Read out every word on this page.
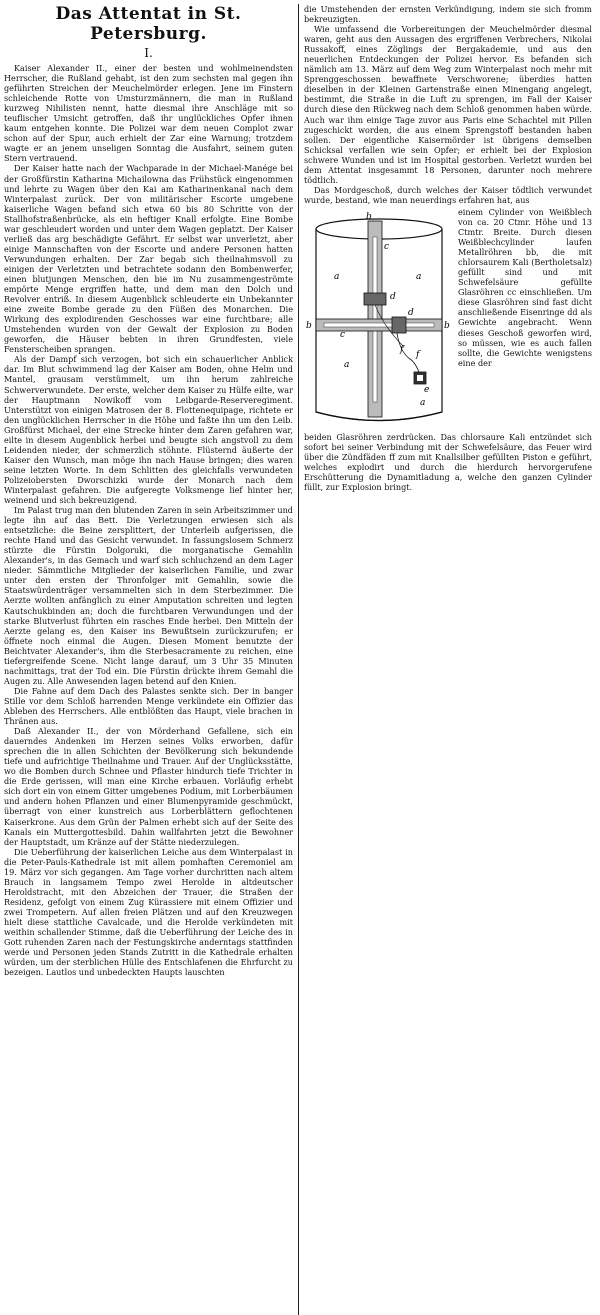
Das Attentat in St. Petersburg.
I.

Kaiser Alexander II., einer der besten und wohlmeinendsten Herrscher, die Rußland gehabt, ist den zum sechsten mal gegen ihn geführten Streichen der Meuchelmörder erlegen. Jene im Finstern schleichende Rotte von Umsturzmännern, die man in Rußland kurzweg Nihilisten nennt, hatte diesmal ihre Anschläge mit so teuflischer Umsicht getroffen, daß ihr unglückliches Opfer ihnen kaum entgehen konnte. Die Polizei war dem neuen Complot zwar schon auf der Spur, auch erhielt der Zar eine Warnung; trotzdem wagte er an jenem unseligen Sonntag die Ausfahrt, seinem guten Stern vertrauend.

Der Kaiser hatte nach der Wachparade in der Michael-Manége bei der Großfürstin Katharina Michailowna das Frühstück eingenommen und lehrte zu Wagen über den Kai am Katharinenkanal nach dem Winterpalast zurück. Der von militärischer Escorte umgebene kaiserliche Wagen befand sich etwa 60 bis 80 Schritte von der Stallhofstraßenbrücke, als ein heftiger Knall erfolgte. Eine Bombe war geschleudert worden und unter dem Wagen geplatzt. Der Kaiser verließ das arg beschädigte Gefährt. Er selbst war unverletzt, aber einige Mannschaften von der Escorte und andere Personen hatten Verwundungen erhalten. Der Zar begab sich theilnahmsvoll zu einigen der Verletzten und betrachtete sodann den Bombenwerfer, einen blutjungen Menschen, den bie im Nu zusammengeströmte empörte Menge ergriffen hatte, und dem man den Dolch und Revolver entriß. In diesem Augenblick schleuderte ein Unbekannter eine zweite Bombe gerade zu den Füßen des Monarchen. Die Wirkung des explodirenden Geschosses war eine furchtbare; alle Umstehenden wurden von der Gewalt der Explosion zu Boden geworfen, die Häuser bebten in ihren Grundfesten, viele Fensterscheiben sprangen.

Als der Dampf sich verzogen, bot sich ein schauerlicher Anblick dar. Im Blut schwimmend lag der Kaiser am Boden, ohne Helm und Mantel, grausam verstümmelt, um ihn herum zahlreiche Schwerverwundete. Der erste, welcher dem Kaiser zu Hülfe eilte, war der Hauptmann Nowikoff vom Leibgarde-Reserveregiment. Unterstützt von einigen Matrosen der 8. Flottenequipage, richtete er den unglücklichen Herrscher in die Höhe und faßte ihn um den Leib. Großfürst Michael, der eine Strecke hinter dem Zaren gefahren war, eilte in diesem Augenblick herbei und beugte sich angstvoll zu dem Leidenden nieder, der schmerzlich stöhnte. Flüsternd äußerte der Kaiser den Wunsch, man möge ihn nach Hause bringen; dies waren seine letzten Worte. In dem Schlitten des gleichfalls verwundeten Polizeiobersten Dworschizki wurde der Monarch nach dem Winterpalast gefahren. Die aufgeregte Volksmenge lief hinter her, weinend und sich bekreuzigend.

Im Palast trug man den blutenden Zaren in sein Arbeitszimmer und legte ihn auf das Bett. Die Verletzungen erwiesen sich als entsetzliche: die Beine zersplittert, der Unterleib aufgerissen, die rechte Hand und das Gesicht verwundet. In fassungslosem Schmerz stürzte die Fürstin Dolgoruki, die morganatische Gemahlin Alexander's, in das Gemach und warf sich schluchzend an dem Lager nieder. Sämmtliche Mitglieder der kaiserlichen Familie, und zwar unter den ersten der Thronfolger mit Gemahlin, sowie die Staatswürdenträger versammelten sich in dem Sterbezimmer. Die Aerzte wollten anfänglich zu einer Amputation schreiten und legten Kautschukbinden an; doch die furchtbaren Verwundungen und der starke Blutverlust führten ein rasches Ende herbei. Den Mitteln der Aerzte gelang es, den Kaiser ins Bewußtsein zurückzurufen; er öffnete noch einmal die Augen. Diesen Moment benutzte der Beichtvater Alexander's, ihm die Sterbesacramente zu reichen, eine tiefergreifende Scene. Nicht lange darauf, um 3 Uhr 35 Minuten nachmittags, trat der Tod ein. Die Fürstin drückte ihrem Gemahl die Augen zu. Alle Anwesenden lagen betend auf den Knien.

Die Fahne auf dem Dach des Palastes senkte sich. Der in banger Stille vor dem Schloß harrenden Menge verkündete ein Offizier das Ableben des Herrschers. Alle entblößten das Haupt, viele brachen in Thränen aus.

Daß Alexander II., der von Mörderhand Gefallene, sich ein dauerndes Andenken im Herzen seines Volks erworben, dafür sprechen die in allen Schichten der Bevölkerung sich bekundende tiefe und aufrichtige Theilnahme und Trauer. Auf der Unglücksstätte, wo die Bomben durch Schnee und Pflaster hindurch tiefe Trichter in die Erde gerissen, will man eine Kirche erbauen. Vorläufig erhebt sich dort ein von einem Gitter umgebenes Podium, mit Lorberbäumen und andern hohen Pflanzen und einer Blumenpyramide geschmückt, überragt von einer kunstreich aus Lorberblättern geflochtenen Kaiserkrone. Aus dem Grün der Palmen erhebt sich auf der Seite des Kanals ein Muttergottesbild. Dahin wallfahrten jetzt die Bewohner der Hauptstadt, um Kränze auf der Stätte niederzulegen.

Die Ueberführung der kaiserlichen Leiche aus dem Winterpalast in die Peter-Pauls-Kathedrale ist mit allem pomhaften Ceremoniel am 19. März vor sich gegangen. Am Tage vorher durchritten nach altem Brauch in langsamem Tempo zwei Herolde in altdeutscher Heroldstracht, mit den Abzeichen der Trauer, die Straßen der Residenz, gefolgt von einem Zug Kürassiere mit einem Offizier und zwei Trompetern. Auf allen freien Plätzen und auf den Kreuzwegen hielt diese stattliche Cavalcade, und die Herolde verkündeten mit weithin schallender Stimme, daß die Ueberführung der Leiche des in Gott ruhenden Zaren nach der Festungskirche anderntags stattfinden werde und Personen jeden Stands Zutritt in die Kathedrale erhalten würden, um der sterblichen Hülle des Entschlafenen die Ehrfurcht zu bezeigen. Lautlos und unbedeckten Haupts lauschten

die Umstehenden der ernsten Verkündigung, indem sie sich fromm bekreuzigten.

Wie umfassend die Vorbereitungen der Meuchelmörder diesmal waren, geht aus den Aussagen des ergriffenen Verbrechers, Nikolai Russakoff, eines Zöglings der Bergakademie, und aus den neuerlichen Entdeckungen der Polizei hervor. Es befanden sich nämlich am 13. März auf dem Weg zum Winterpalast noch mehr mit Sprenggeschossen bewaffnete Verschworene; überdies hatten dieselben in der Kleinen Gartenstraße einen Minengang angelegt, bestimmt, die Straße in die Luft zu sprengen, im Fall der Kaiser durch diese den Rückweg nach dem Schloß genommen haben würde. Auch war ihm einige Tage zuvor aus Paris eine Schachtel mit Pillen zugeschickt worden, die aus einem Sprengstoff bestanden haben sollen. Der eigentliche Kaisermörder ist übrigens demselben Schicksal verfallen wie sein Opfer; er erhielt bei der Explosion schwere Wunden und ist im Hospital gestorben. Verletzt wurden bei dem Attentat insgesammt 18 Personen, darunter noch mehrere tödtlich.

Das Mordgeschoß, durch welches der Kaiser tödtlich verwundet wurde, bestand, wie man neuerdings erfahren hat, aus

a	a
a
a
b
b	b
c
c
d
d
e
f f
einem Cylinder von Weißblech von ca. 20 Ctmr. Höhe und 13 Ctmtr. Breite. Durch diesen Weißblechcylinder laufen Metallröhren bb, die mit chlorsaurem Kali (Bertholetsalz) gefüllt sind und mit Schwefelsäure gefüllte Glasröhren cc einschließen. Um diese Glasröhren sind fast dicht anschließende Eisenringe dd als Gewichte angebracht. Wenn dieses Geschoß geworfen wird, so müssen, wie es auch fallen sollte, die Gewichte wenigstens eine der

beiden Glasröhren zerdrücken. Das chlorsaure Kali entzündet sich sofort bei seiner Verbindung mit der Schwefelsäure, das Feuer wird über die Zündfäden ff zum mit Knallsilber gefüllten Piston e geführt, welches explodirt und durch die hierdurch hervorgerufene Erschütterung die Dynamitladung a, welche den ganzen Cylinder füllt, zur Explosion bringt.
